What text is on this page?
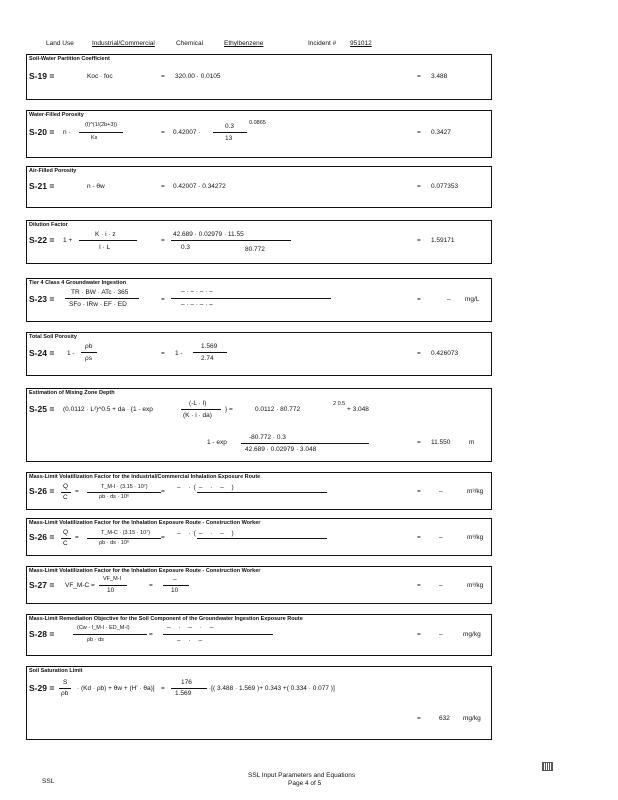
Land Use	Industrial/Commercial	Chemical	Ethylbenzene	Incident # 951012
Soil-Water Partition Coefficient
S-19 =	Koc · foc	= 320.00 · 0.0105	= 3.488
Water-Filled Porosity
S-20 = n ·
(I)^(1/(2b+3))
Ks
= 0.42007 ·
0.3	0.0865
13
= 0.3427
Air-Filled Porosity
S-21 =	n - θw	= 0.42007 · 0.34272	= 0.077353
Dilution Factor
S-22 = 1 +
K · i · z
I · L
=
42.689 · 0.02979 · 11.55
0.3	80.772
= 1.59171
Tier 4 Class 4 Groundwater Ingestion
S-23 =
TR · BW · ATc · 365
SFo · IRw · EF · ED
=
– · – · – · –
– · – · – · –
=	– mg/L
Total Soil Porosity
S-24 = 1 -
ρb
ρs
= 1 -
1.569
2.74
= 0.426073
Estimation of Mixing Zone Depth
S-25 = (0.0112 · L²)^0.5 + da · {1 - exp
(-L · I)
(K · i · da)
} =	0.0112 · 80.772
2 0.5
+ 3.048
1 - exp
-80.772 · 0.3
42.689 · 0.02979 · 3.048
= 11.550	m
Mass-Limit Volatilization Factor for the Industrial/Commercial Inhalation Exposure Route
S-26 = Q
C
=
T_M-I · (3.15 · 10⁷)
ρb · ds · 10⁶
=
– ·(– · – )
=	–	m³/kg
Mass-Limit Volatilization Factor for the Inhalation Exposure Route - Construction Worker
S-26 = Q
C
=
T_M-C · (3.15 · 10⁷)
ρb · ds · 10⁶
=
– ·(– · – )
=	–	m³/kg
Mass-Limit Volatilization Factor for the Inhalation Exposure Route - Construction Worker
S-27 = VF_M-C =
VF_M-I
10
=
–
10
=	–	m³/kg
Mass-Limit Remediation Objective for the Soil Component of the Groundwater Ingestion Exposure Route
S-28 =
(Cw · I_M-I · ED_M-I)
ρb · ds
=
– · – · –
– · –
=	–	mg/kg
Soil Saturation Limit
S-29 =
S
ρb
· (Kd · ρb) + θw + (H' · θa)] =
176
1.569
·[( 3.488 · 1.569 )+ 0.343 +( 0.334 · 0.077 )]
=	632 mg/kg
SSL
SSL Input Parameters and Equations
Page 4 of 5
